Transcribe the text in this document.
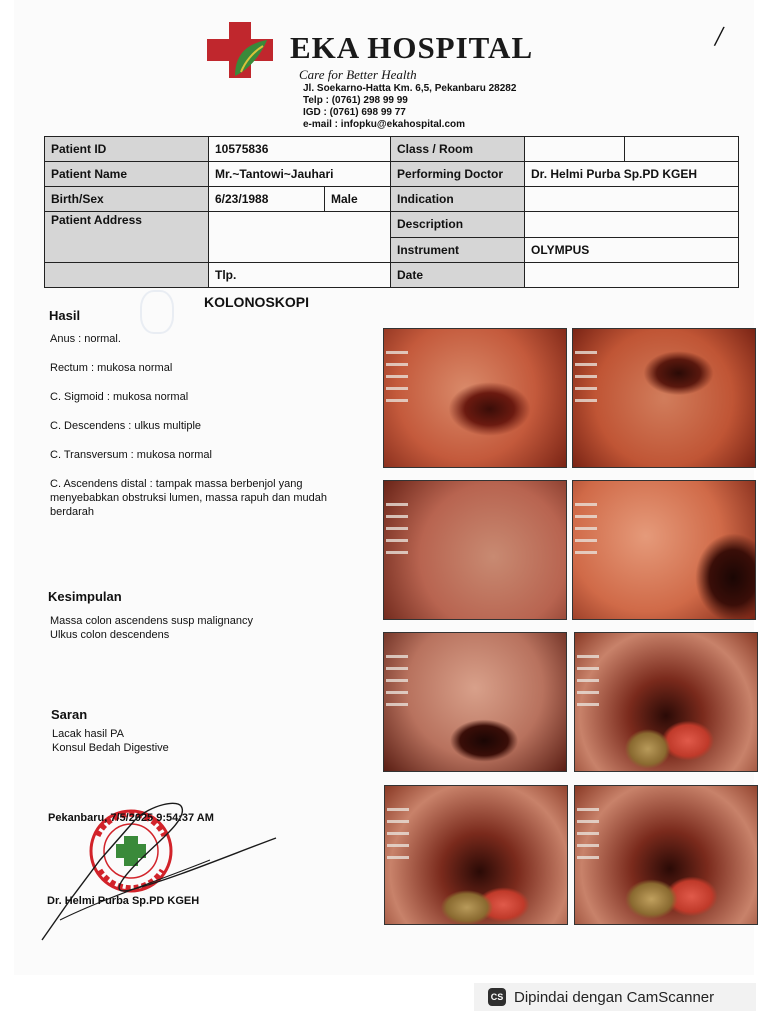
EKA HOSPITAL
Care for Better Health
Jl. Soekarno-Hatta Km. 6,5, Pekanbaru 28282
Telp : (0761) 298 99 99
IGD : (0761) 698 99 77
e-mail : infopku@ekahospital.com
/
Patient ID	10575836		Class / Room		
Patient Name	Mr.~Tantowi~Jauhari		Performing Doctor	Dr. Helmi Purba Sp.PD KGEH	
Birth/Sex	6/23/1988	Male	Indication		
Patient Address			Description		
			Instrument	OLYMPUS	
	Tlp.		Date		
KOLONOSKOPI
Hasil
Anus : normal.
Rectum : mukosa normal
C. Sigmoid : mukosa normal
C. Descendens : ulkus multiple
C. Transversum : mukosa normal
C. Ascendens distal : tampak massa berbenjol yang
menyebabkan obstruksi lumen, massa rapuh dan mudah
berdarah
Kesimpulan
Massa colon ascendens susp malignancy
Ulkus colon descendens
Saran
Lacak hasil PA
Konsul Bedah Digestive
Pekanbaru, 7/5/2025 9:54:37 AM
Dr. Helmi Purba Sp.PD KGEH
CS Dipindai dengan CamScanner
